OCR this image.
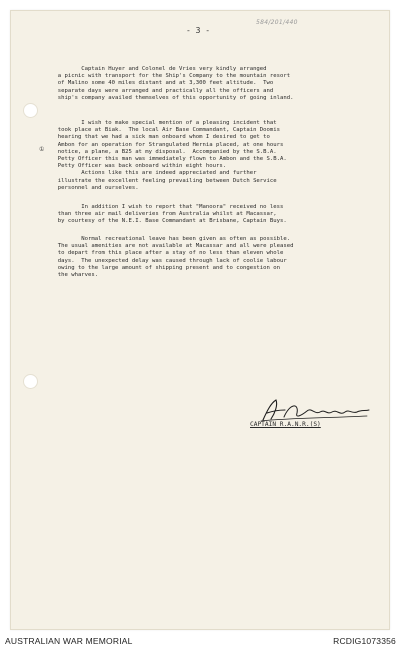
- 3 -
584/201/440
①
Captain Huyer and Colonel de Vries very kindly arranged
a picnic with transport for the Ship's Company to the mountain resort
of Malino some 40 miles distant and at 3,300 feet altitude.  Two
separate days were arranged and practically all the officers and
ship's company availed themselves of this opportunity of going inland.
I wish to make special mention of a pleasing incident that
took place at Biak.  The local Air Base Commandant, Captain Doomis
hearing that we had a sick man onboard whom I desired to get to
Ambon for an operation for Strangulated Hernia placed, at one hours
notice, a plane, a B25 at my disposal.  Accompanied by the S.B.A.
Petty Officer this man was immediately flown to Ambon and the S.B.A.
Petty Officer was back onboard within eight hours.
Actions like this are indeed appreciated and further
illustrate the excellent feeling prevailing between Dutch Service
personnel and ourselves.
In addition I wish to report that "Manoora" received no less
than three air mail deliveries from Australia whilst at Macassar,
by courtesy of the N.E.I. Base Commandant at Brisbane, Captain Buys.
Normal recreational leave has been given as often as possible.
The usual amenities are not available at Macassar and all were pleased
to depart from this place after a stay of no less than eleven whole
days.  The unexpected delay was caused through lack of coolie labour
owing to the large amount of shipping present and to congestion on
the wharves.
CAPTAIN R.A.N.R.(S)
AUSTRALIAN WAR MEMORIAL	RCDIG1073356
